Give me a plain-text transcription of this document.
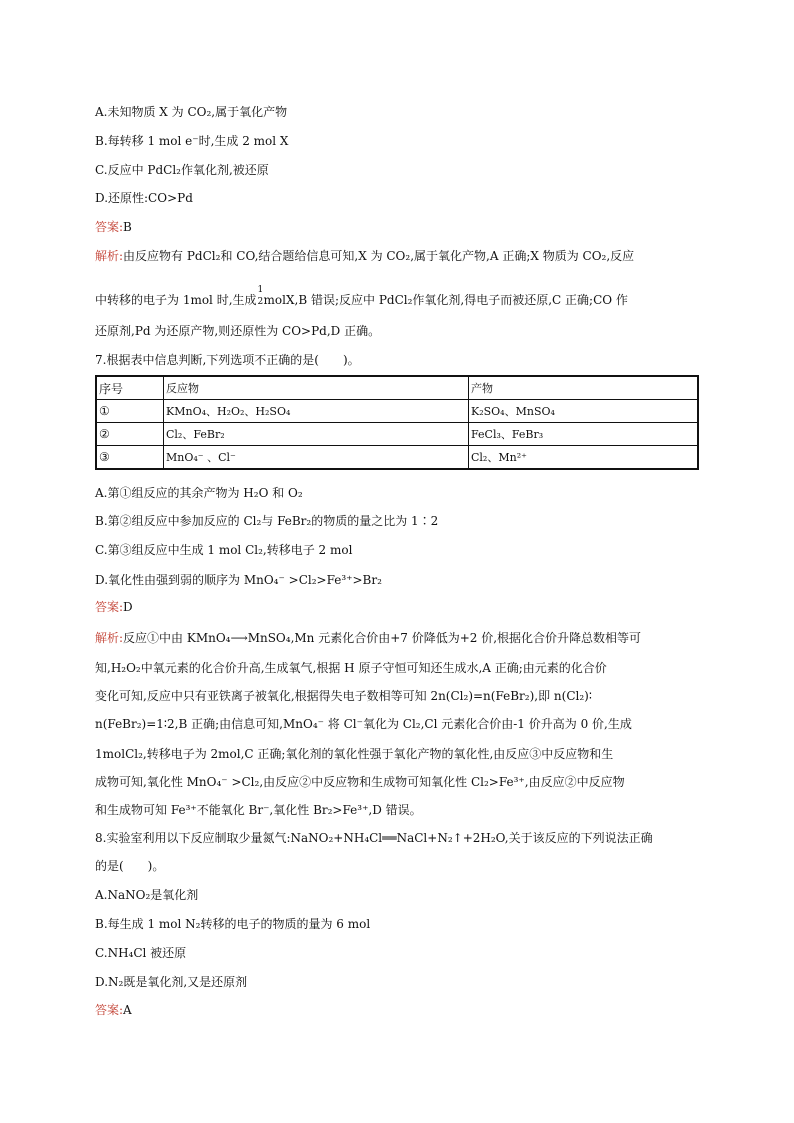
A.未知物质 X 为 CO₂,属于氧化产物
B.每转移 1 mol e⁻时,生成 2 mol X
C.反应中 PdCl₂作氧化剂,被还原
D.还原性:CO>Pd
答案:B
解析:由反应物有 PdCl₂和 CO,结合题给信息可知,X 为 CO₂,属于氧化产物,A 正确;X 物质为 CO₂,反应
中转移的电子为 1mol 时,生成
1
2 molX,B 错误;反应中 PdCl₂作氧化剂,得电子而被还原,C 正确;CO 作
还原剂,Pd 为还原产物,则还原性为 CO>Pd,D 正确。
7.根据表中信息判断,下列选项不正确的是(　　)。
序号	反应物	产物
①	KMnO₄、H₂O₂、H₂SO₄	K₂SO₄、MnSO₄
②	Cl₂、FeBr₂	FeCl₃、FeBr₃
③	MnO₄⁻ 、Cl⁻	Cl₂、Mn²⁺
A.第①组反应的其余产物为 H₂O 和 O₂
B.第②组反应中参加反应的 Cl₂与 FeBr₂的物质的量之比为 1∶2
C.第③组反应中生成 1 mol Cl₂,转移电子 2 mol
D.氧化性由强到弱的顺序为 MnO₄⁻ >Cl₂>Fe³⁺>Br₂
答案:D
解析:反应①中由 KMnO₄⟶MnSO₄,Mn 元素化合价由+7 价降低为+2 价,根据化合价升降总数相等可
知,H₂O₂中氧元素的化合价升高,生成氧气,根据 H 原子守恒可知还生成水,A 正确;由元素的化合价
变化可知,反应中只有亚铁离子被氧化,根据得失电子数相等可知 2n(Cl₂)=n(FeBr₂),即 n(Cl₂)∶
n(FeBr₂)=1∶2,B 正确;由信息可知,MnO₄⁻ 将 Cl⁻氧化为 Cl₂,Cl 元素化合价由-1 价升高为 0 价,生成
1molCl₂,转移电子为 2mol,C 正确;氧化剂的氧化性强于氧化产物的氧化性,由反应③中反应物和生
成物可知,氧化性 MnO₄⁻ >Cl₂,由反应②中反应物和生成物可知氧化性 Cl₂>Fe³⁺,由反应②中反应物
和生成物可知 Fe³⁺不能氧化 Br⁻,氧化性 Br₂>Fe³⁺,D 错误。
8.实验室利用以下反应制取少量氮气:NaNO₂+NH₄Cl══NaCl+N₂↑+2H₂O,关于该反应的下列说法正确
的是(　　)。
A.NaNO₂是氧化剂
B.每生成 1 mol N₂转移的电子的物质的量为 6 mol
C.NH₄Cl 被还原
D.N₂既是氧化剂,又是还原剂
答案:A
